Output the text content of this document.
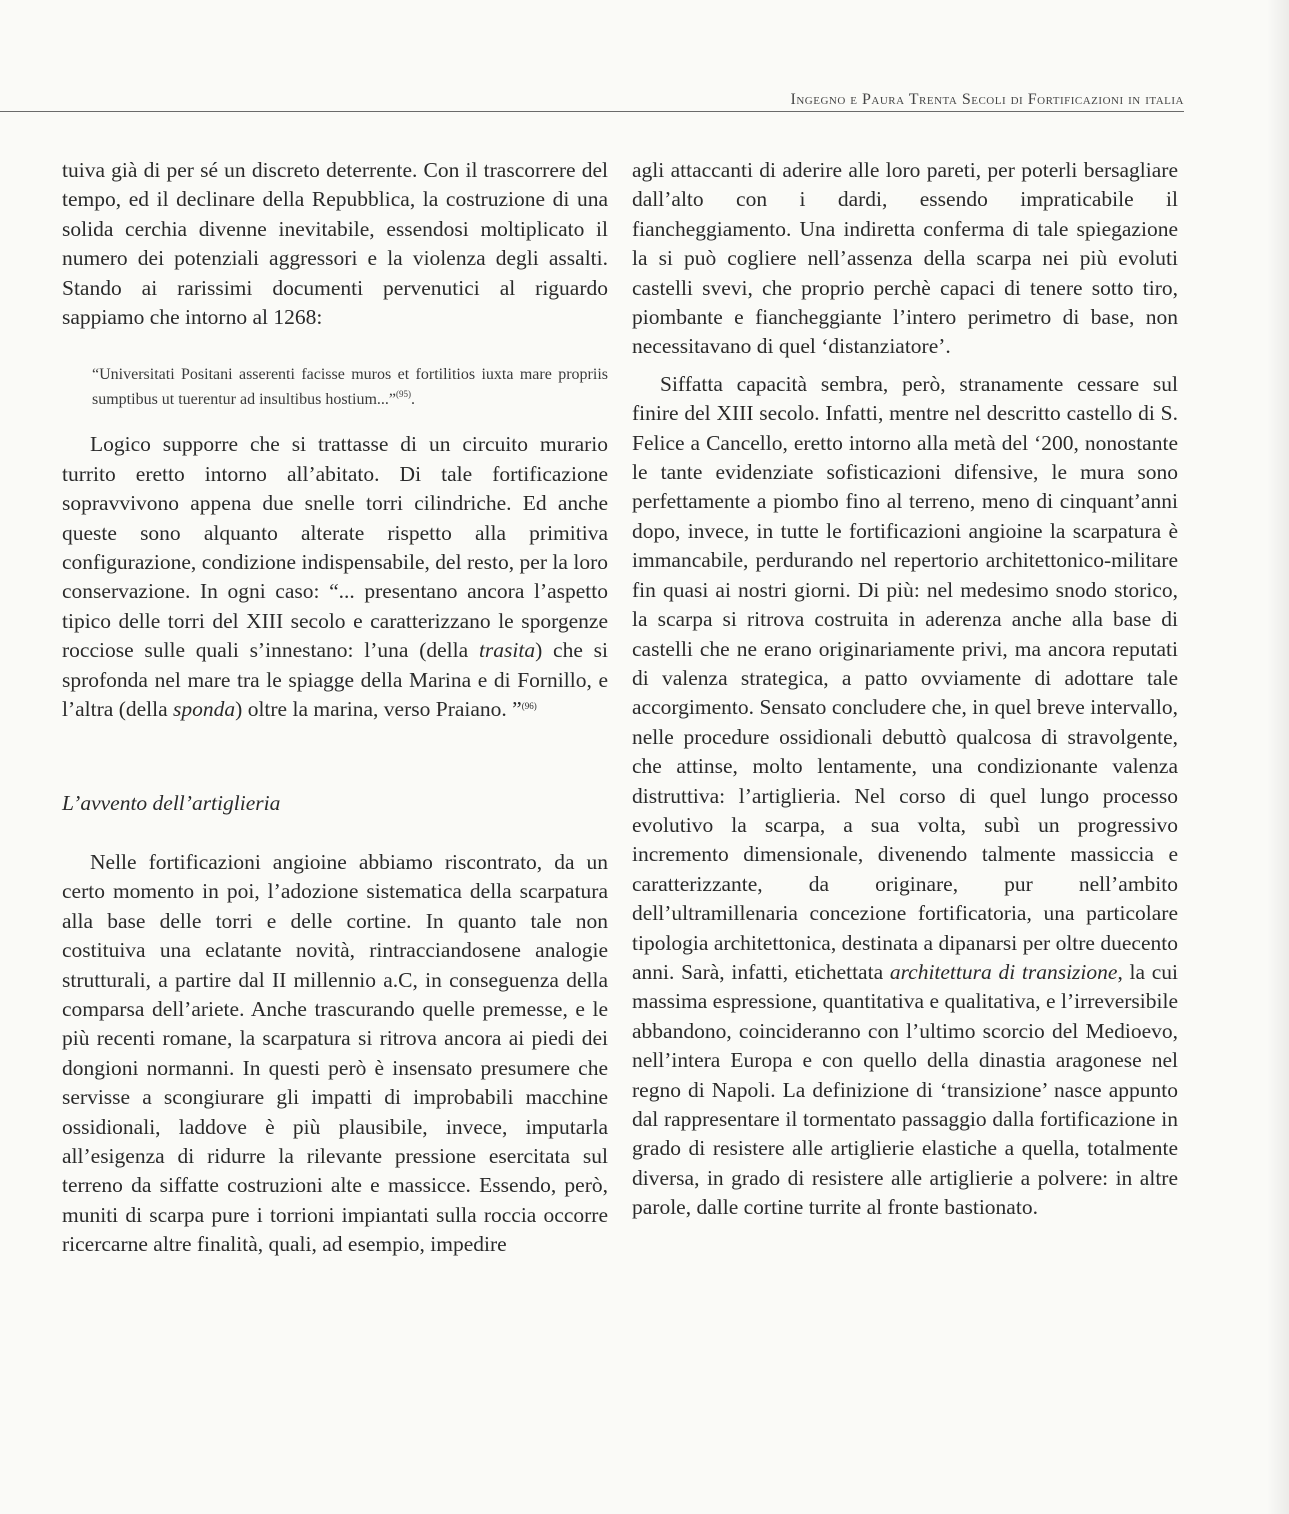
Ingegno e Paura Trenta Secoli di Fortificazioni in italia

tuiva già di per sé un discreto deterrente. Con il trascorrere del tempo, ed il declinare della Repubblica, la costruzione di una solida cerchia divenne inevitabile, essendosi moltiplicato il numero dei potenziali aggressori e la violenza degli assalti. Stando ai rarissimi documenti pervenutici al riguardo sappiamo che intorno al 1268:

“Universitati Positani asserenti facisse muros et fortilitios iuxta mare propriis sumptibus ut tuerentur ad insultibus hostium...”$^{(95)}$.

Logico supporre che si trattasse di un circuito murario turrito eretto intorno all’abitato. Di tale fortificazione sopravvivono appena due snelle torri cilindriche. Ed anche queste sono alquanto alterate rispetto alla primitiva configurazione, condizione indispensabile, del resto, per la loro conservazione. In ogni caso: “... presentano ancora l’aspetto tipico delle torri del XIII secolo e caratterizzano le sporgenze rocciose sulle quali s’innestano: l’una (della trasita) che si sprofonda nel mare tra le spiagge della Marina e di Fornillo, e l’altra (della sponda) oltre la marina, verso Praiano. ”$^{(96)}$

L’avvento dell’artiglieria

Nelle fortificazioni angioine abbiamo riscontrato, da un certo momento in poi, l’adozione sistematica della scarpatura alla base delle torri e delle cortine. In quanto tale non costituiva una eclatante novità, rintracciandosene analogie strutturali, a partire dal II millennio a.C, in conseguenza della comparsa dell’ariete. Anche trascurando quelle premesse, e le più recenti romane, la scarpatura si ritrova ancora ai piedi dei dongioni normanni. In questi però è insensato presumere che servisse a scongiurare gli impatti di improbabili macchine ossidionali, laddove è più plausibile, invece, imputarla all’esigenza di ridurre la rilevante pressione esercitata sul terreno da siffatte costruzioni alte e massicce. Essendo, però, muniti di scarpa pure i torrioni impiantati sulla roccia occorre ricercarne altre finalità, quali, ad esempio, impedire

agli attaccanti di aderire alle loro pareti, per poterli bersagliare dall’alto con i dardi, essendo impraticabile il fiancheggiamento. Una indiretta conferma di tale spiegazione la si può cogliere nell’assenza della scarpa nei più evoluti castelli svevi, che proprio perchè capaci di tenere sotto tiro, piombante e fiancheggiante l’intero perimetro di base, non necessitavano di quel ‘distanziatore’.

Siffatta capacità sembra, però, stranamente cessare sul finire del XIII secolo. Infatti, mentre nel descritto castello di S. Felice a Cancello, eretto intorno alla metà del ‘200, nonostante le tante evidenziate sofisticazioni difensive, le mura sono perfettamente a piombo fino al terreno, meno di cinquant’anni dopo, invece, in tutte le fortificazioni angioine la scarpatura è immancabile, perdurando nel repertorio architettonico-militare fin quasi ai nostri giorni. Di più: nel medesimo snodo storico, la scarpa si ritrova costruita in aderenza anche alla base di castelli che ne erano originariamente privi, ma ancora reputati di valenza strategica, a patto ovviamente di adottare tale accorgimento. Sensato concludere che, in quel breve intervallo, nelle procedure ossidionali debuttò qualcosa di stravolgente, che attinse, molto lentamente, una condizionante valenza distruttiva: l’artiglieria. Nel corso di quel lungo processo evolutivo la scarpa, a sua volta, subì un progressivo incremento dimensionale, divenendo talmente massiccia e caratterizzante, da originare, pur nell’ambito dell’ultramillenaria concezione fortificatoria, una particolare tipologia architettonica, destinata a dipanarsi per oltre duecento anni. Sarà, infatti, etichettata architettura di transizione, la cui massima espressione, quantitativa e qualitativa, e l’irreversibile abbandono, coincideranno con l’ultimo scorcio del Medioevo, nell’intera Europa e con quello della dinastia aragonese nel regno di Napoli. La definizione di ‘transizione’ nasce appunto dal rappresentare il tormentato passaggio dalla fortificazione in grado di resistere alle artiglierie elastiche a quella, totalmente diversa, in grado di resistere alle artiglierie a polvere: in altre parole, dalle cortine turrite al fronte bastionato.
